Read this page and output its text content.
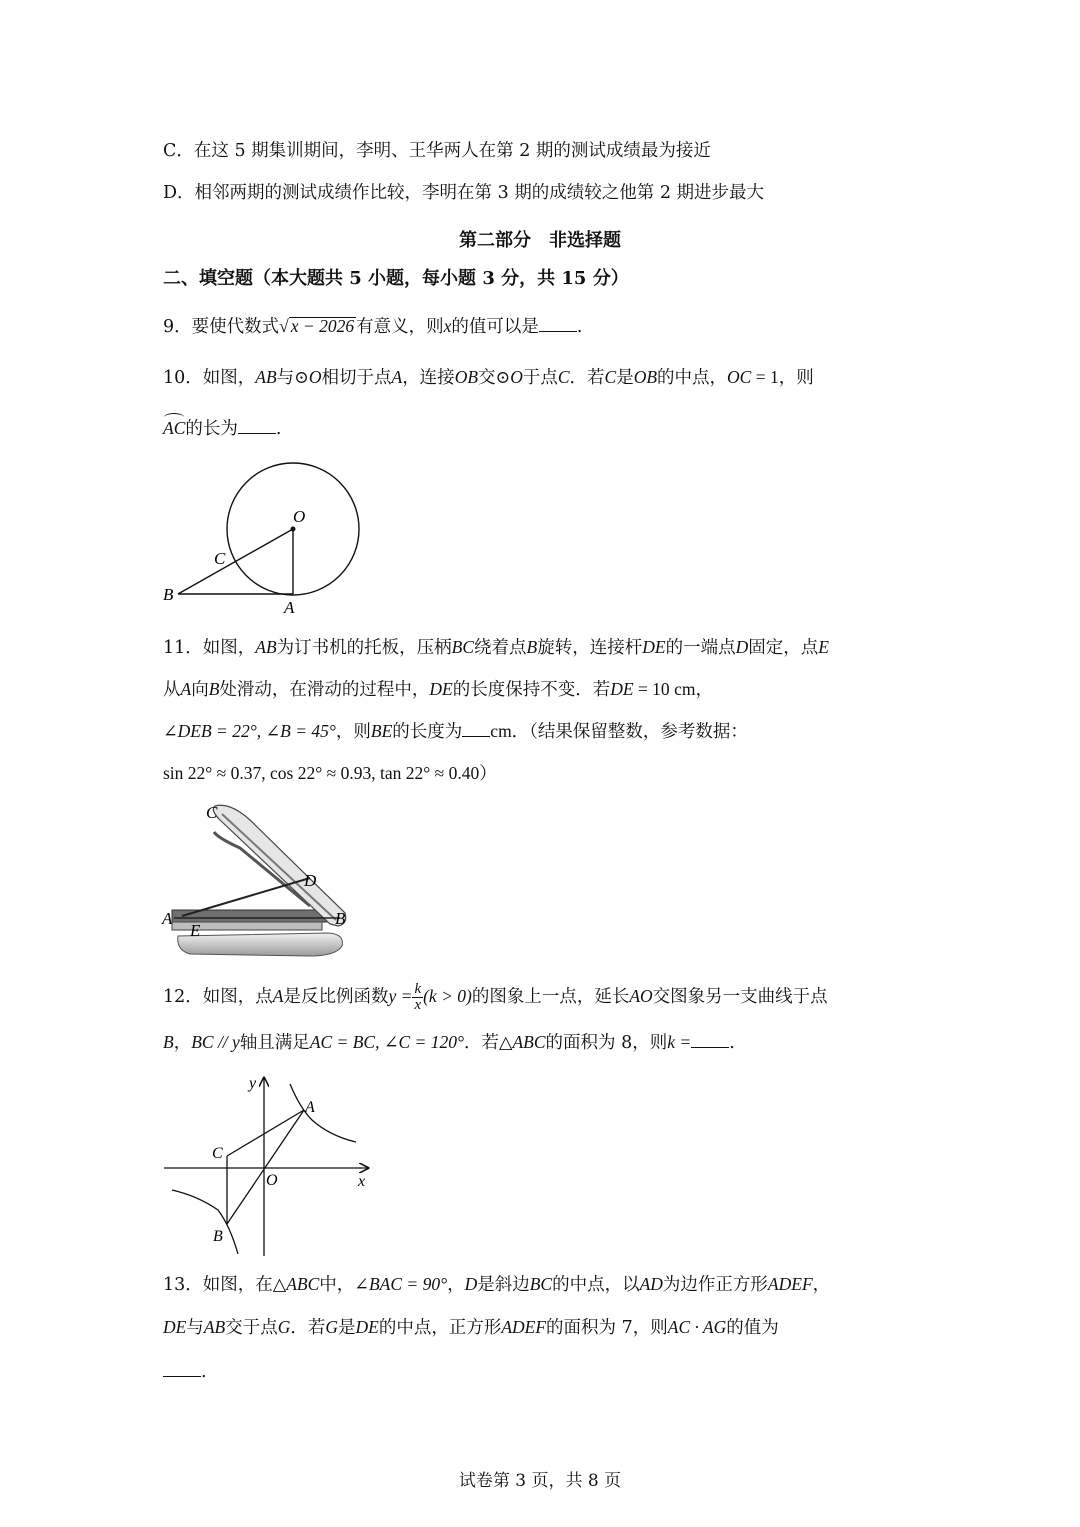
C．在这 5 期集训期间，李明、王华两人在第 2 期的测试成绩最为接近
D．相邻两期的测试成绩作比较，李明在第 3 期的成绩较之他第 2 期进步最大
第二部分　非选择题
二、填空题（本大题共 5 小题，每小题 3 分，共 15 分）
9．要使代数式√ x − 2026 有意义，则x的值可以是 .
10．如图，AB与⊙O相切于点A，连接OB交⊙O于点C．若C是OB的中点，OC = 1，则
AC的长为 .
O
C
B
A
11．如图，AB为订书机的托板，压柄BC绕着点B旋转，连接杆DE的一端点D固定，点E
从A向B处滑动，在滑动的过程中，DE的长度保持不变．若DE = 10 cm，
∠DEB = 22°, ∠B = 45°，则BE的长度为 cm．（结果保留整数，参考数据：
sin 22° ≈ 0.37, cos 22° ≈ 0.93, tan 22° ≈ 0.40）
C
D
A
E
B
12．如图，点A是反比例函数$y = \frac{k}{x} (k > 0)$的图象上一点，延长AO交图象另一支曲线于点
B，BC // y轴且满足AC = BC, ∠C = 120°．若△ABC的面积为 8，则k = .
y
x
O
A
B
C
13．如图，在△ABC中，∠BAC = 90°，D是斜边BC的中点，以AD为边作正方形ADEF，
DE与AB交于点G．若G是DE的中点，正方形ADEF的面积为 7，则AC · AG的值为
.
试卷第 3 页，共 8 页
